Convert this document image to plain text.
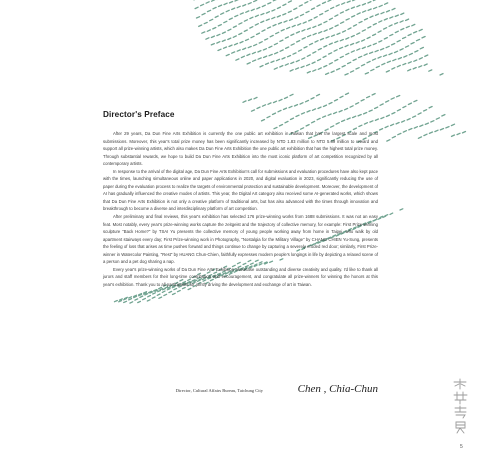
Director's Preface

After 29 years, Da Dun Fine Arts Exhibition is currently the one public art exhibition in Taiwan that has the largest scale and most submissions. Moreover, this year's total prize money has been significantly increased by NTD 1.83 million to NTD 5.69 million to reward and support all prize-winning artists, which also makes Da Dun Fine Arts Exhibition the one public art exhibition that has the highest total prize money. Through substantial rewards, we hope to build Da Dun Fine Arts Exhibition into the most iconic platform of art competition recognized by all contemporary artists.

In response to the arrival of the digital age, Da Dun Fine Arts Exhibition's call for submissions and evaluation procedures have also kept pace with the times, launching simultaneous online and paper applications in 2020, and digital evaluation in 2023, significantly reducing the use of paper during the evaluation process to realize the targets of environmental protection and sustainable development. Moreover, the development of AI has gradually influenced the creative modes of artists. This year, the Digital Art category also received some AI-generated works, which shows that Da Dun Fine Arts Exhibition is not only a creative platform of traditional arts, but has also advanced with the times through innovation and breakthrough to become a diverse and interdisciplinary platform of art competition.

After preliminary and final reviews, this year's exhibition has selected 176 prize-winning works from 1688 submissions. It was not an easy feat. Most notably, every year's prize-winning works capture the zeitgeist and the trajectory of collective memory, for example: First Prize-winning sculpture "Back Home?" by TSAI Yu presents the collective memory of young people working away from home in Taipei, who walk by old apartment stairways every day; First Prize-winning work in Photography, "Nostalgia for the Military Village" by CHANG CHIEN Yu-Sung, presents the feeling of loss that arises as time pushes forward and things continue to change by capturing a severely eroded red door; similarly, First Prize-winner in Watercolor Painting, "Rest" by HUANG Chun-Chien, faithfully expresses modern people's longings in life by depicting a relaxed scene of a person and a pet dog sharing a nap.

Every year's prize-winning works of Da Dun Fine Arts Exhibition showcase outstanding and diverse creativity and quality. I'd like to thank all jurors and staff members for their long-time contribution and encouragement, and congratulate all prize-winners for winning the honors at this year's exhibition. Thank you to all participants for jointly driving the development and exchange of art in Taiwan.

Director, Cultural Affairs Bureau, Taichung City	Chen , Chia-Chun
5
